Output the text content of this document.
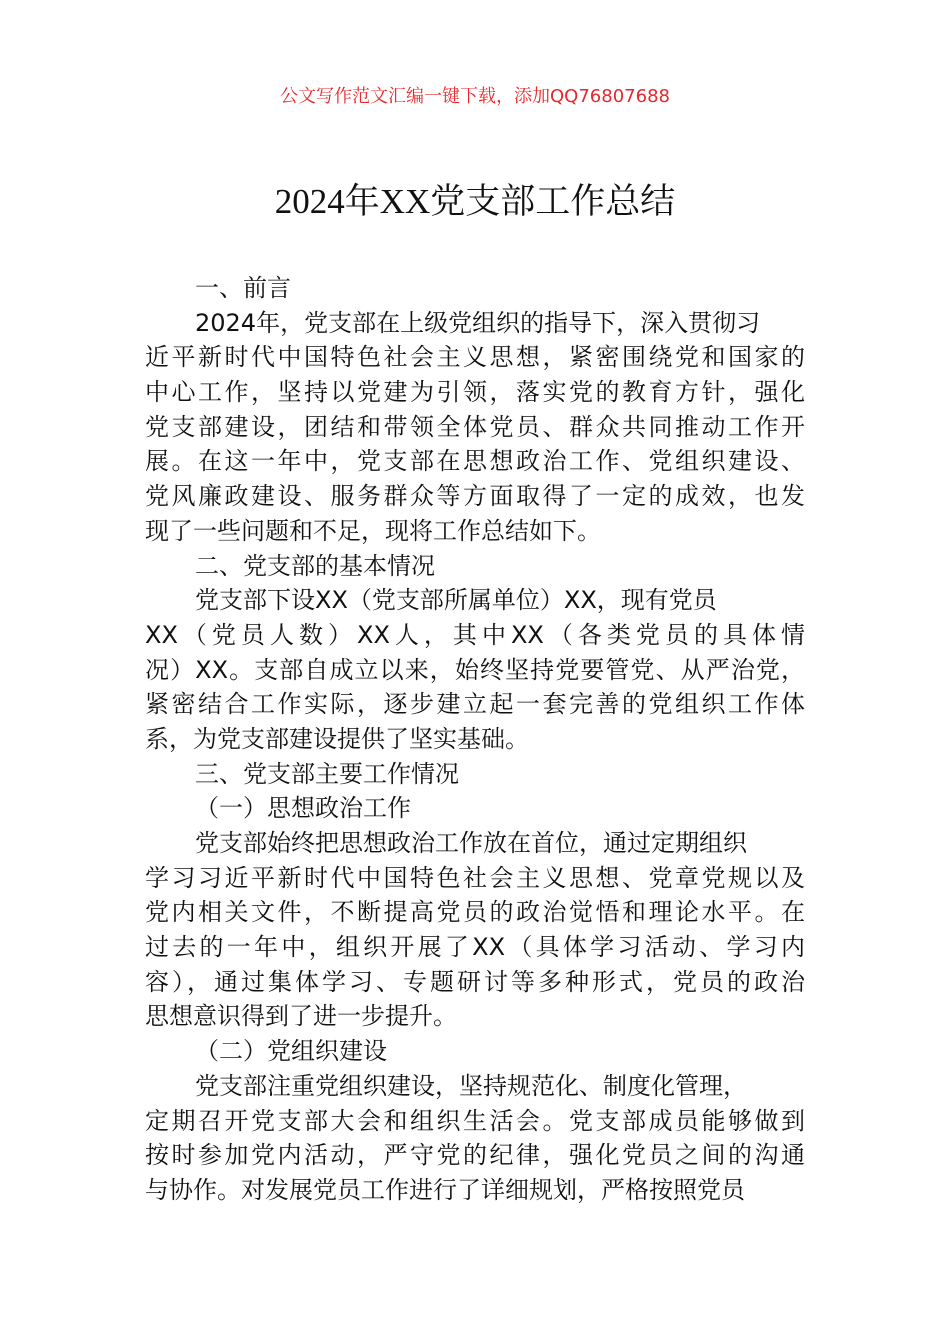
公文写作范文汇编一键下载，添加QQ76807688
2024年XX党支部工作总结
一、前言
2024年，党支部在上级党组织的指导下，深入贯彻习
近平新时代中国特色社会主义思想，紧密围绕党和国家的
中心工作，坚持以党建为引领，落实党的教育方针，强化
党支部建设，团结和带领全体党员、群众共同推动工作开
展。在这一年中，党支部在思想政治工作、党组织建设、
党风廉政建设、服务群众等方面取得了一定的成效，也发
现了一些问题和不足，现将工作总结如下。
二、党支部的基本情况
党支部下设XX（党支部所属单位）XX，现有党员
XX（党员人数）XX人，其中XX（各类党员的具体情
况）XX。支部自成立以来，始终坚持党要管党、从严治党，
紧密结合工作实际，逐步建立起一套完善的党组织工作体
系，为党支部建设提供了坚实基础。
三、党支部主要工作情况
（一）思想政治工作
党支部始终把思想政治工作放在首位，通过定期组织
学习习近平新时代中国特色社会主义思想、党章党规以及
党内相关文件，不断提高党员的政治觉悟和理论水平。在
过去的一年中，组织开展了XX（具体学习活动、学习内
容），通过集体学习、专题研讨等多种形式，党员的政治
思想意识得到了进一步提升。
（二）党组织建设
党支部注重党组织建设，坚持规范化、制度化管理，
定期召开党支部大会和组织生活会。党支部成员能够做到
按时参加党内活动，严守党的纪律，强化党员之间的沟通
与协作。对发展党员工作进行了详细规划，严格按照党员
